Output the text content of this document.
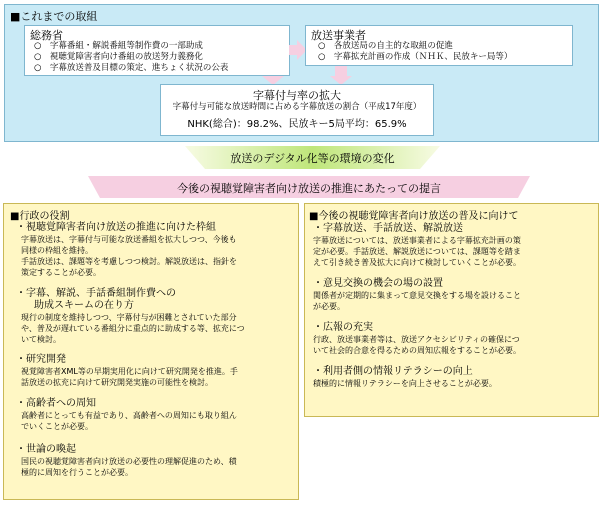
■これまでの取組
総務省
○　字幕番組・解説番組等制作費の一部助成
○　視聴覚障害者向け番組の放送努力義務化
○　字幕放送普及目標の策定、進ちょく状況の公表
放送事業者
○　各放送局の自主的な取組の促進
○　字幕拡充計画の作成（ＮＨＫ、民放キー局等）
字幕付与率の拡大
字幕付与可能な放送時間に占める字幕放送の割合（平成17年度）
NHK(総合)：98.2%、民放キー5局平均：65.9%
放送のデジタル化等の環境の変化
今後の視聴覚障害者向け放送の推進にあたっての提言
■行政の役割
・視聴覚障害者向け放送の推進に向けた枠組
字幕放送は、字幕付与可能な放送番組を拡大しつつ、今後も
同様の枠組を維持。
手話放送は、課題等を考慮しつつ検討。解説放送は、指針を
策定することが必要。
・字幕、解説、手話番組制作費への
助成スキームの在り方
現行の制度を維持しつつ、字幕付与が困難とされていた部分
や、普及が遅れている番組分に重点的に助成する等、拡充につ
いて検討。
・研究開発
視覚障害者XML等の早期実用化に向けて研究開発を推進。手
話放送の拡充に向けて研究開発実施の可能性を検討。
・高齢者への周知
高齢者にとっても有益であり、高齢者への周知にも取り組ん
でいくことが必要。
・世論の喚起
国民の視聴覚障害者向け放送の必要性の理解促進のため、積
極的に周知を行うことが必要。
■今後の視聴覚障害者向け放送の普及に向けて
・字幕放送、手話放送、解説放送
字幕放送については、放送事業者による字幕拡充計画の策
定が必要。手話放送、解説放送については、課題等を踏ま
えて引き続き普及拡大に向けて検討していくことが必要。
・意見交換の機会の場の設置
関係者が定期的に集まって意見交換をする場を設けること
が必要。
・広報の充実
行政、放送事業者等は、放送アクセシビリティの確保につ
いて社会的合意を得るための周知広報をすることが必要。
・利用者側の情報リテラシーの向上
積極的に情報リテラシーを向上させることが必要。
